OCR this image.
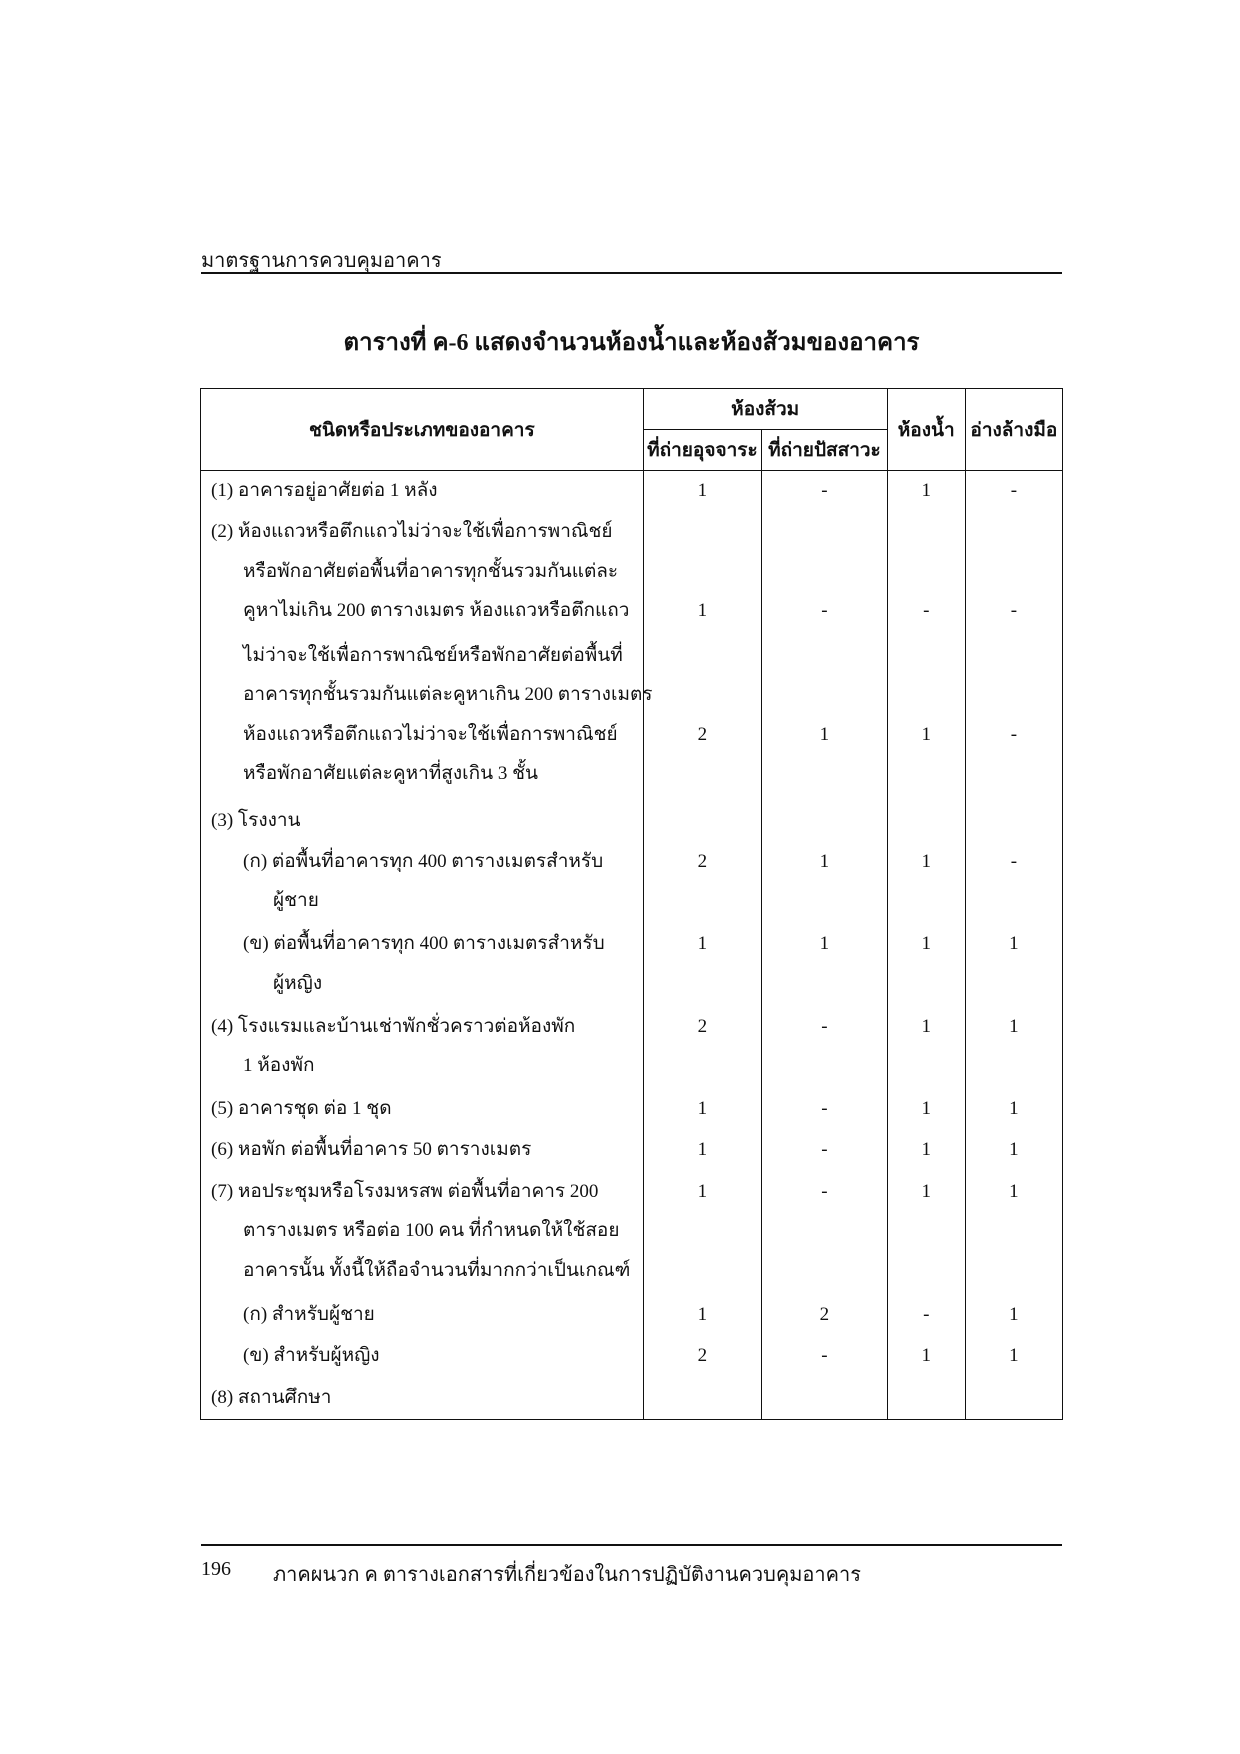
มาตรฐานการควบคุมอาคาร
ตารางที่ ค-6 แสดงจำนวนห้องน้ำและห้องส้วมของอาคาร
ชนิดหรือประเภทของอาคาร	ห้องส้วม		ห้องน้ำ	อ่างล้างมือ
	ที่ถ่ายอุจจาระ	ที่ถ่ายปัสสาวะ		

(1) อาคารอยู่อาศัยต่อ 1 หลัง	1	-	1	-

(2) ห้องแถวหรือตึกแถวไม่ว่าจะใช้เพื่อการพาณิชย์
หรือพักอาศัยต่อพื้นที่อาคารทุกชั้นรวมกันแต่ละ
คูหาไม่เกิน 200 ตารางเมตร ห้องแถวหรือตึกแถว	1	-	-	-

ไม่ว่าจะใช้เพื่อการพาณิชย์หรือพักอาศัยต่อพื้นที่
อาคารทุกชั้นรวมกันแต่ละคูหาเกิน 200 ตารางเมตร
ห้องแถวหรือตึกแถวไม่ว่าจะใช้เพื่อการพาณิชย์
หรือพักอาศัยแต่ละคูหาที่สูงเกิน 3 ชั้น	2	1	1	-

(3) โรงงาน				

(ก) ต่อพื้นที่อาคารทุก 400 ตารางเมตรสำหรับ
ผู้ชาย	2	1	1	-

(ข) ต่อพื้นที่อาคารทุก 400 ตารางเมตรสำหรับ
ผู้หญิง	1	1	1	1

(4) โรงแรมและบ้านเช่าพักชั่วคราวต่อห้องพัก
1 ห้องพัก	2	-	1	1

(5) อาคารชุด ต่อ 1 ชุด	1	-	1	1

(6) หอพัก ต่อพื้นที่อาคาร 50 ตารางเมตร	1	-	1	1

(7) หอประชุมหรือโรงมหรสพ ต่อพื้นที่อาคาร 200
ตารางเมตร หรือต่อ 100 คน ที่กำหนดให้ใช้สอย
อาคารนั้น ทั้งนี้ให้ถือจำนวนที่มากกว่าเป็นเกณฑ์	1	-	1	1

(ก) สำหรับผู้ชาย	1	2	-	1

(ข) สำหรับผู้หญิง	2	-	1	1

(8) สถานศึกษา				

196 ภาคผนวก ค ตารางเอกสารที่เกี่ยวข้องในการปฏิบัติงานควบคุมอาคาร
